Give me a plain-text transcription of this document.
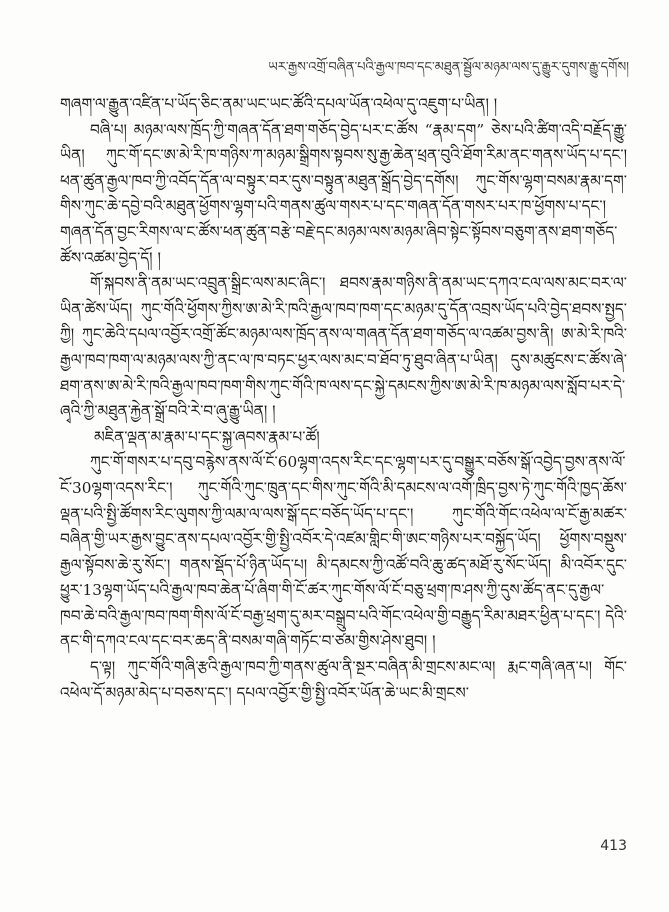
ཡར་རྒྱས་འགྲོ་བཞིན་པའི་རྒྱལ་ཁབ་དང་མཐུན་སྦྱོལ་མཉམ་ལས་དུ་རྒྱུར་དུགས་རྒྱུ་དགོས།

གཞག་ལ་རྒྱུན་འཛིན་པ་ཡོད་ཅིང་ནམ་ཡང་ཡང་ཚོའི་དཔལ་ཡོན་འཕེལ་དུ་འཇུག་པ་ཡིན། །

བཞི་པ། མཉམ་ལས་ཁྲོད་ཀྱི་གཞན་དོན་ཐག་གཅོད་བྱེད་པར་ང་ཚོས “རྣམ་དག” ཅེས་པའི་ཚིག་འདི་བརྗོད་རྒྱུ་ཡིན། ཀུང་གོ་དང་ཨ་མེ་རི་ཁ་གཉིས་ཀ་མཉམ་སྒྲིགས་སྟབས་སུ་རྒྱ་ཆེན་ཕྲན་བུའི་ཐོག་རིམ་ནང་གནས་ཡོད་པ་དང་། ཕན་ཚུན་རྒྱལ་ཁབ་ཀྱི་འབོད་དོན་ལ་བསྟུར་བར་དུས་བསྟུན་མཐུན་སྒྲོད་བྱེད་དགོས། ཀུང་གོས་ལྷག་བསམ་རྣམ་དག་གིས་ཀུང་ཆེ་དབྱེ་བའི་མཐུན་ཕྱོགས་ལྷག་པའི་གནས་ཚུལ་གསར་པ་དང་གཞན་དོན་གསར་པར་ཁ་ཕྱོགས་པ་དང་། གཞན་དོན་བྱང་རིགས་ལ་ང་ཚོས་ཕན་ཚུན་བརྩེ་བརྗེ་དང་མཉམ་ལས་མཉམ་ཞིབ་སྟེང་སྟོབས་བཅུག་ནས་ཐག་གཅོད་ཚོས་འཚམ་བྱེད་དོ། །

གོ་སྐབས་ནི་ནམ་ཡང་འབྲུན་སྒྲིང་ལས་མང་ཞིང་། ཐབས་རྣམ་གཉིས་ནི་ནམ་ཡང་དཀའ་ངལ་ལས་མང་བར་ལ་ཡིན་ཚེས་ཡོད། ཀུང་གོའི་ཕྱོགས་ཀྱིས་ཨ་མེ་རི་ཁའི་རྒྱལ་ཁབ་ཁག་དང་མཉམ་དུ་དོན་འབྲས་ཡོད་པའི་བྱེད་ཐབས་སྤྱད་ཀྱི། ཀུང་ཆེའི་དཔལ་འབྱོར་འགྲོ་ཚོང་མཉམ་ལས་ཁྲོད་ནས་ལ་གཞན་དོན་ཐག་གཅོད་ལ་འཚམ་བྱས་ནི། ཨ་མེ་རི་ཁའི་རྒྱལ་ཁབ་ཁག་ལ་མཉམ་ལས་ཀྱི་ནང་ལ་ཁ་བཏང་ཕྱར་ལས་མང་བ་ཐོབ་ཏུ་ཐུབ་ཞིན་པ་ཡིན། དུས་མཚུངས་ང་ཚོས་ཞེ་ཐག་ནས་ཨ་མེ་རི་ཁའི་རྒྱལ་ཁབ་ཁག་གིས་ཀུང་གོའི་ཁ་ལས་དང་སྐྱེ་དམངས་ཀྱིས་ཨ་མེ་རི་ཁ་མཉམ་ལས་སློབ་པར་དེ་ཞྭའི་ཀྱི་མཐུན་རྐྱེན་སྒྲོ་བའི་རེ་བ་ཞུ་རྒྱུ་ཡིན། །

མཇིན་ལྡན་མ་རྣམ་པ་དང་སྐྱ་ཞབས་རྣམ་པ་ཚོ།

ཀུང་གོ་གསར་པ་དབུ་བརྙེས་ནས་ལོ་ངོ་60ལྷག་འདས་རིང་དང་ལྷག་པར་དུ་བསྒྱུར་བཅོས་སྒོ་འབྱེད་བྱས་ནས་ལོ་ངོ་30ལྷག་འདས་རིང་། ཀུང་གོའི་ཀུང་ཁྲུན་དང་གིས་ཀུང་གོའི་མི་དམངས་ལ་འགོ་ཁྲིད་བྱས་ཏེ་ཀུང་གོའི་ཁྱད་ཆོས་ལྡན་པའི་སྤྱི་ཚོགས་རིང་ལུགས་ཀྱི་ལམ་ལ་ལས་སྒོ་དང་བཅོད་ཡོད་པ་དང་། ཀུང་གོའི་གོང་འཕེལ་ལ་ངོ་རྒྱ་མཚར་བཞིན་གྱི་ཡར་རྒྱས་བྱུང་ནས་དཔལ་འབྱོར་གྱི་སྤྱི་འབོར་དེ་འཛམ་གླིང་གི་ཨང་གཉིས་པར་བསྐྱོད་ཡོད། ཕྱོགས་བསྡུས་རྒྱལ་སྟོབས་ཆེ་རུ་སོང་། གནས་སྡོད་པོ་ཉིན་ཡོད་པ། མི་དམངས་ཀྱི་འཚོ་བའི་ཆུ་ཚད་མཐོ་རུ་སོང་ཡོད། མི་འབོར་དུང་ཕྱུར་13ལྷག་ཡོད་པའི་རྒྱལ་ཁབ་ཆེན་པོ་ཞིག་གི་ངོ་ཚར་ཀུང་གོས་ལོ་ངོ་བཅུ་ཕྲག་ཁ་ཤས་ཀྱི་དུས་ཚོད་ནང་དུ་རྒྱལ་ཁབ་ཆེ་བའི་རྒྱལ་ཁབ་ཁག་གིས་ལོ་ངོ་བརྒྱ་ཕྲག་དུ་མར་བསྒྲུབ་པའི་གོང་འཕེལ་གྱི་བརྒྱུད་རིམ་མཐར་ཕྱིན་པ་དང་། དེའི་ནང་གི་དཀའ་ངལ་དང་བར་ཆད་ནི་བསམ་གཞི་གཏོང་བ་ཙམ་གྱིས་ཤེས་ཐུབ། །

ད་ལྟ། ཀུང་གོའི་གཞི་རྩའི་རྒྱལ་ཁབ་ཀྱི་གནས་ཚུལ་ནི་སྔར་བཞིན་མི་གྲངས་མང་ལ། རྨང་གཞི་ཞན་པ། གོང་འཕེལ་དོ་མཉམ་མེད་པ་བཅས་དང་། དཔལ་འབྱོར་གྱི་སྤྱི་འབོར་ཡོན་ཆེ་ཡང་མི་གྲངས་

413
